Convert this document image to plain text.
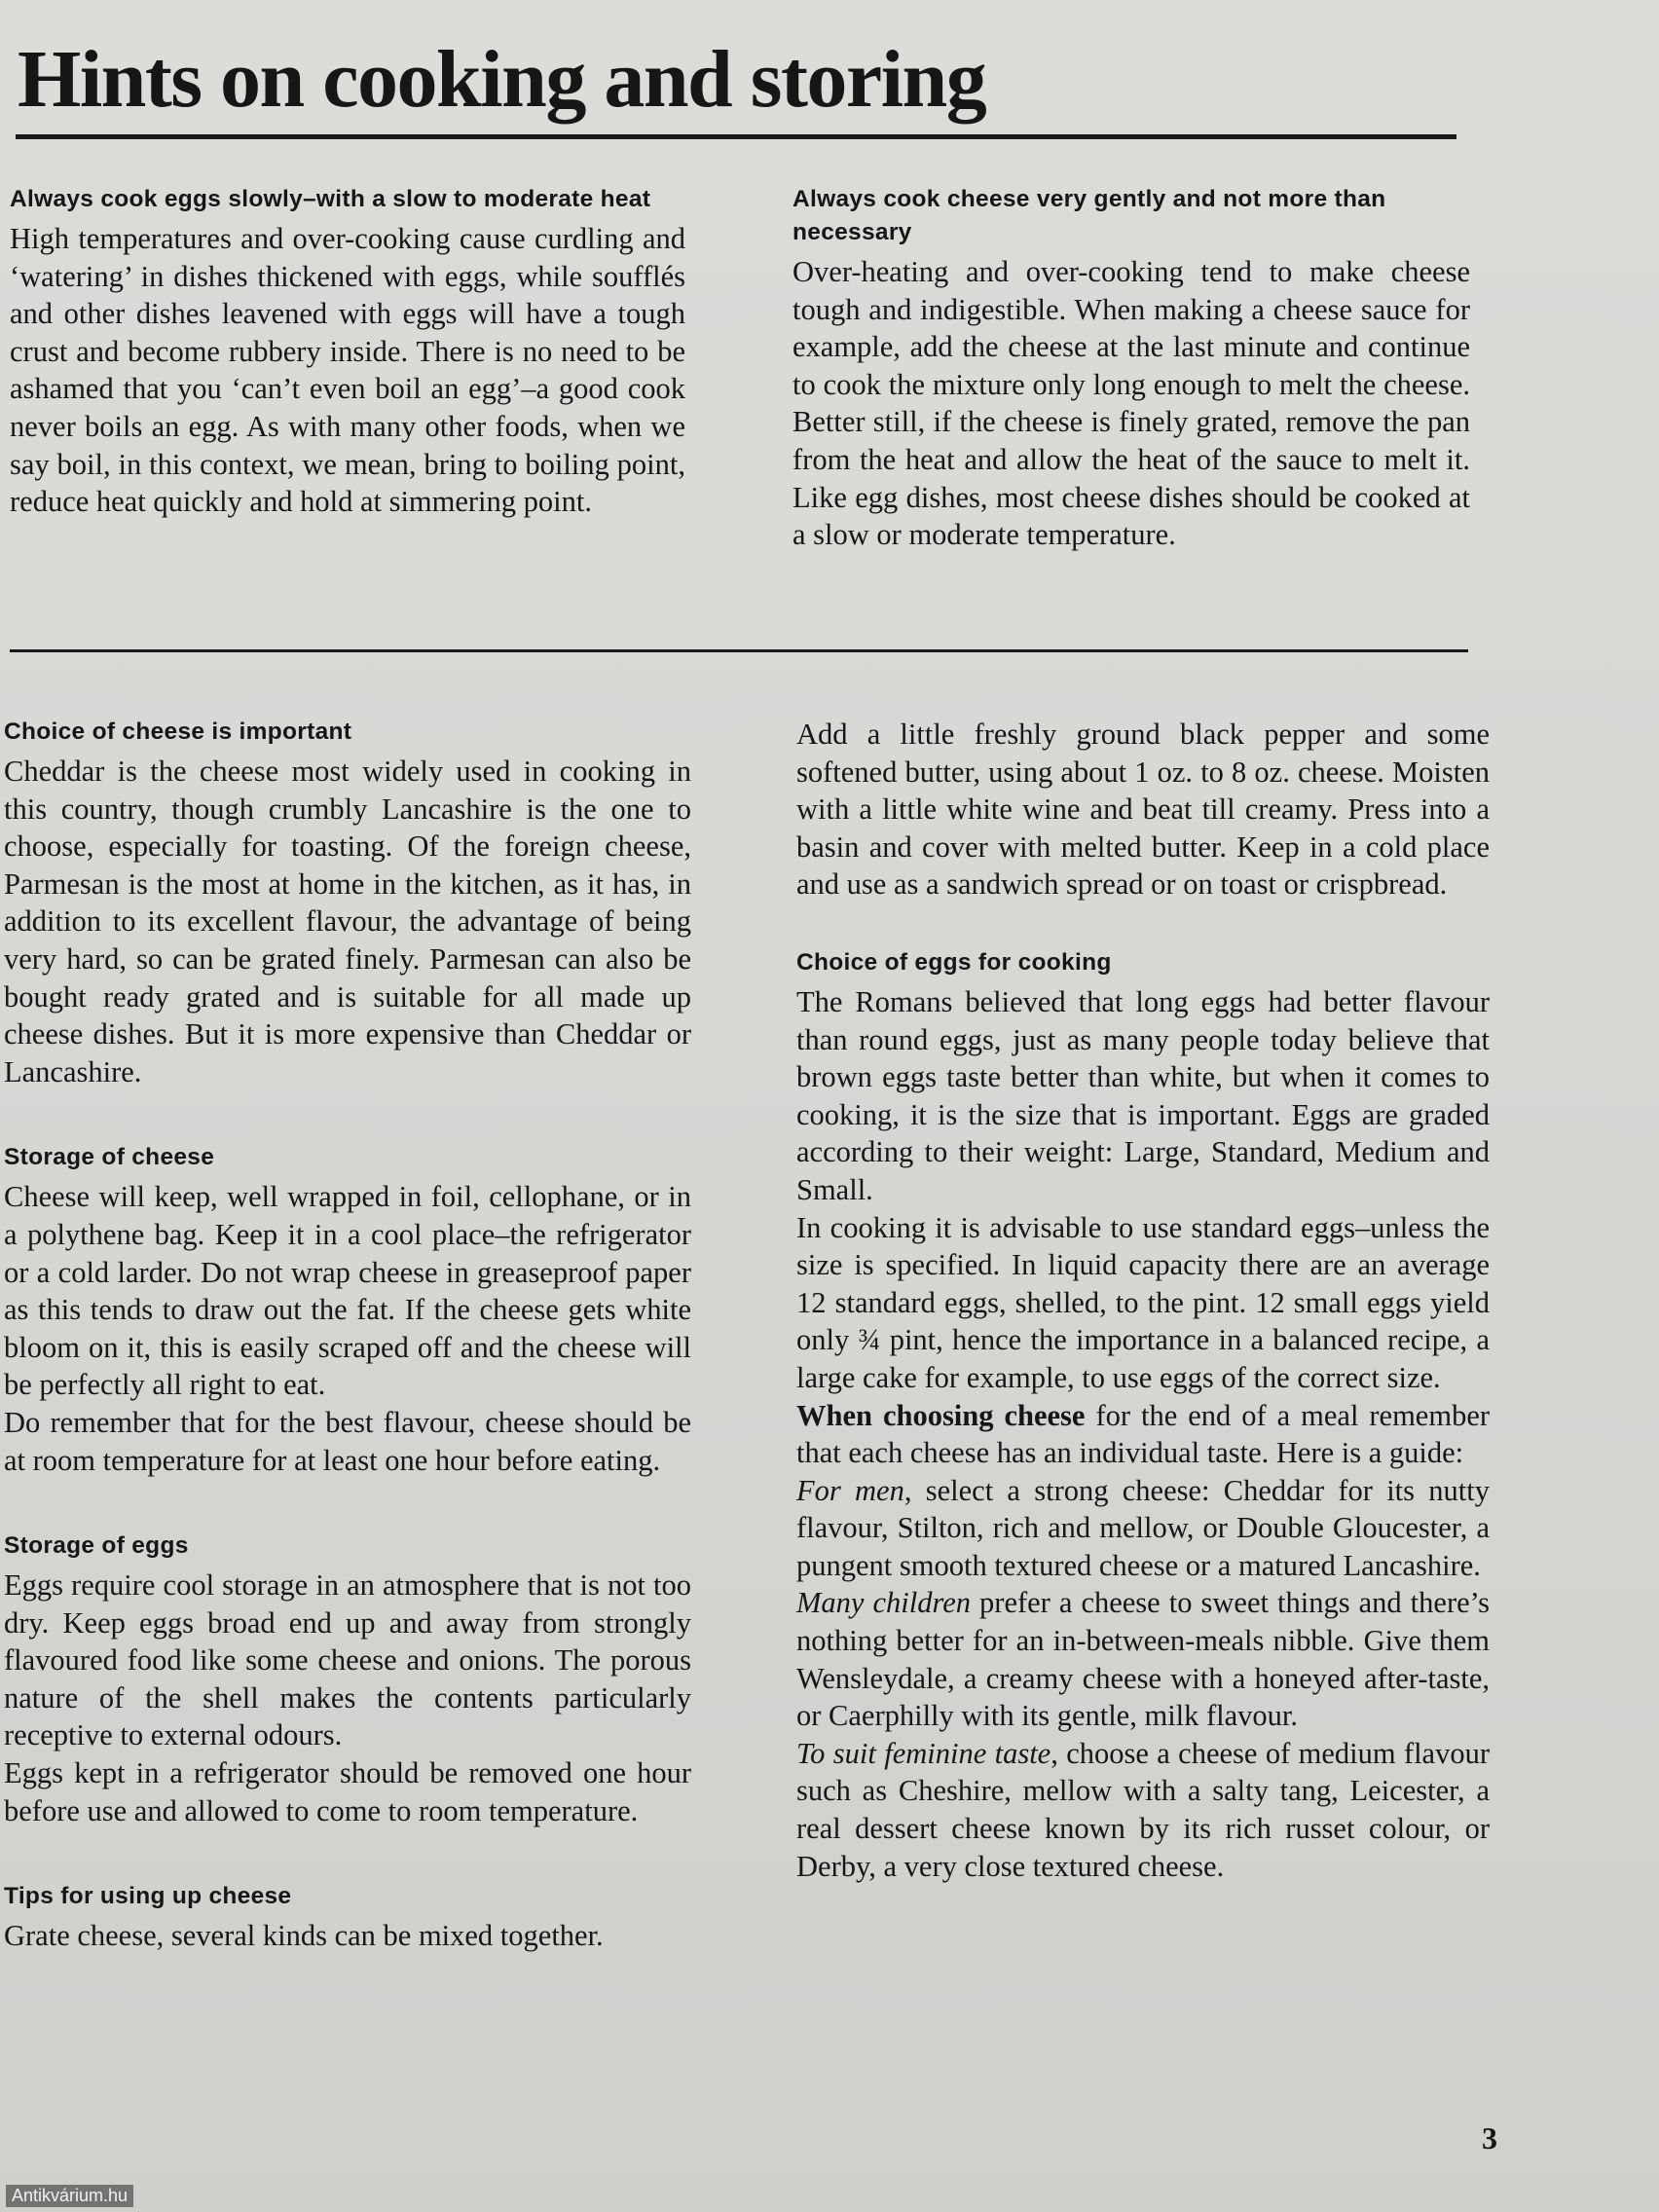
Hints on cooking and storing

Always cook eggs slowly–with a slow to moderate heat

High temperatures and over-cooking cause curdling and ‘watering’ in dishes thickened with eggs, while soufflés and other dishes leavened with eggs will have a tough crust and become rubbery inside. There is no need to be ashamed that you ‘can’t even boil an egg’–a good cook never boils an egg. As with many other foods, when we say boil, in this context, we mean, bring to boiling point, reduce heat quickly and hold at simmering point.

Always cook cheese very gently and not more than necessary

Over-heating and over-cooking tend to make cheese tough and indigestible. When making a cheese sauce for example, add the cheese at the last minute and continue to cook the mixture only long enough to melt the cheese. Better still, if the cheese is finely grated, remove the pan from the heat and allow the heat of the sauce to melt it. Like egg dishes, most cheese dishes should be cooked at a slow or moderate temperature.

Choice of cheese is important

Cheddar is the cheese most widely used in cooking in this country, though crumbly Lancashire is the one to choose, especially for toasting. Of the foreign cheese, Parmesan is the most at home in the kitchen, as it has, in addition to its excellent flavour, the advantage of being very hard, so can be grated finely. Parmesan can also be bought ready grated and is suitable for all made up cheese dishes. But it is more expensive than Cheddar or Lancashire.

Storage of cheese

Cheese will keep, well wrapped in foil, cellophane, or in a polythene bag. Keep it in a cool place–the refrigerator or a cold larder. Do not wrap cheese in greaseproof paper as this tends to draw out the fat. If the cheese gets white bloom on it, this is easily scraped off and the cheese will be perfectly all right to eat.

Do remember that for the best flavour, cheese should be at room temperature for at least one hour before eating.

Storage of eggs

Eggs require cool storage in an atmosphere that is not too dry. Keep eggs broad end up and away from strongly flavoured food like some cheese and onions. The porous nature of the shell makes the contents particularly receptive to external odours.

Eggs kept in a refrigerator should be removed one hour before use and allowed to come to room temperature.

Tips for using up cheese

Grate cheese, several kinds can be mixed together.

Add a little freshly ground black pepper and some softened butter, using about 1 oz. to 8 oz. cheese. Moisten with a little white wine and beat till creamy. Press into a basin and cover with melted butter. Keep in a cold place and use as a sandwich spread or on toast or crispbread.

Choice of eggs for cooking

The Romans believed that long eggs had better flavour than round eggs, just as many people today believe that brown eggs taste better than white, but when it comes to cooking, it is the size that is important. Eggs are graded according to their weight: Large, Standard, Medium and Small.

In cooking it is advisable to use standard eggs–unless the size is specified. In liquid capacity there are an average 12 standard eggs, shelled, to the pint. 12 small eggs yield only ¾ pint, hence the importance in a balanced recipe, a large cake for example, to use eggs of the correct size.

When choosing cheese for the end of a meal remember that each cheese has an individual taste. Here is a guide:

For men, select a strong cheese: Cheddar for its nutty flavour, Stilton, rich and mellow, or Double Gloucester, a pungent smooth textured cheese or a matured Lancashire.

Many children prefer a cheese to sweet things and there’s nothing better for an in-between-meals nibble. Give them Wensleydale, a creamy cheese with a honeyed after-taste, or Caerphilly with its gentle, milk flavour.

To suit feminine taste, choose a cheese of medium flavour such as Cheshire, mellow with a salty tang, Leicester, a real dessert cheese known by its rich russet colour, or Derby, a very close textured cheese.

3
Antikvárium.hu
